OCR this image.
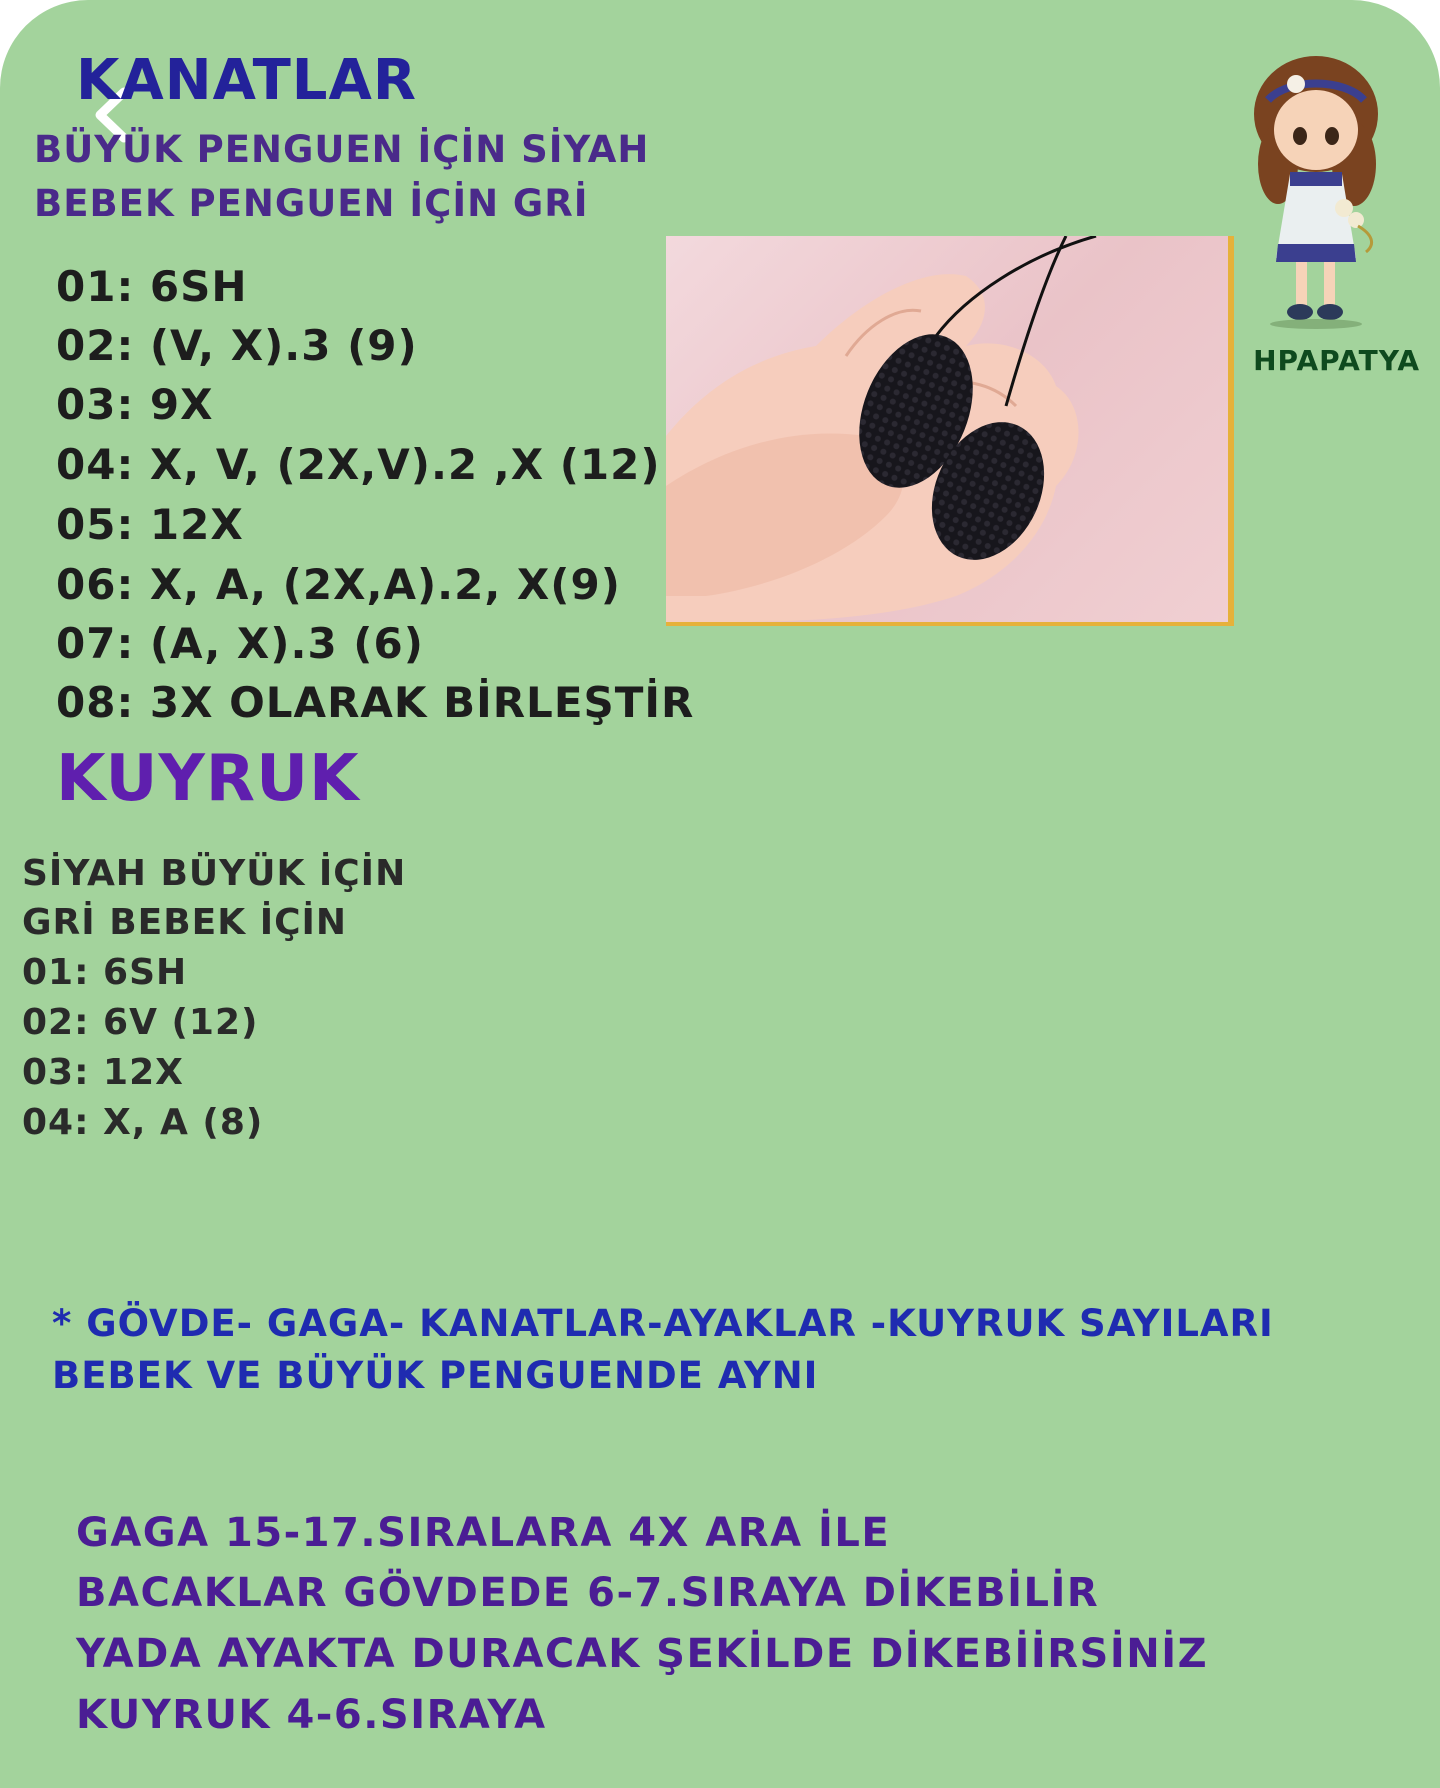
KANATLAR

BÜYÜK PENGUEN İÇİN SİYAH

BEBEK PENGUEN İÇİN GRİ

01: 6SH

02: (V, X).3 (9)

03: 9X

04: X, V, (2X,V).2 ,X (12)

05: 12X

06: X, A, (2X,A).2, X(9)

07: (A, X).3 (6)

08: 3X OLARAK BİRLEŞTİR

HPAPATYA

KUYRUK

SİYAH BÜYÜK İÇİN

GRİ BEBEK İÇİN

01: 6SH

02: 6V (12)

03: 12X

04: X, A (8)

* GÖVDE- GAGA- KANATLAR-AYAKLAR -KUYRUK SAYILARI

BEBEK VE BÜYÜK PENGUENDE AYNI

GAGA 15-17.SIRALARA 4X ARA İLE

BACAKLAR GÖVDEDE 6-7.SIRAYA DİKEBİLİR

YADA AYAKTA DURACAK ŞEKİLDE DİKEBİİRSİNİZ

KUYRUK 4-6.SIRAYA
